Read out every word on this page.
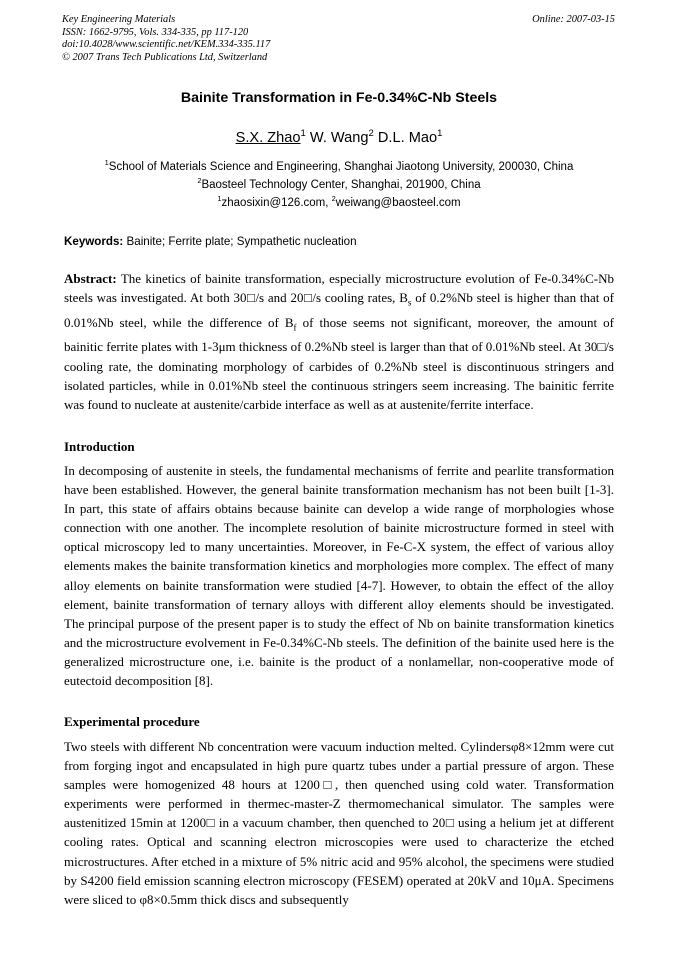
Key Engineering Materials
ISSN: 1662-9795, Vols. 334-335, pp 117-120
doi:10.4028/www.scientific.net/KEM.334-335.117
© 2007 Trans Tech Publications Ltd, Switzerland
Online: 2007-03-15
Bainite Transformation in Fe-0.34%C-Nb Steels
S.X. Zhao$^1$ W. Wang$^2$ D.L. Mao$^1$
$^1$School of Materials Science and Engineering, Shanghai Jiaotong University, 200030, China
$^2$Baosteel Technology Center, Shanghai, 201900, China
$^1$zhaosixin@126.com, $^2$weiwang@baosteel.com
Keywords: Bainite; Ferrite plate; Sympathetic nucleation

Abstract: The kinetics of bainite transformation, especially microstructure evolution of Fe-0.34%C-Nb steels was investigated. At both 30□/s and 20□/s cooling rates, $B_s$ of 0.2%Nb steel is higher than that of 0.01%Nb steel, while the difference of $B_f$ of those seems not significant, moreover, the amount of bainitic ferrite plates with 1-3μm thickness of 0.2%Nb steel is larger than that of 0.01%Nb steel. At 30□/s cooling rate, the dominating morphology of carbides of 0.2%Nb steel is discontinuous stringers and isolated particles, while in 0.01%Nb steel the continuous stringers seem increasing. The bainitic ferrite was found to nucleate at austenite/carbide interface as well as at austenite/ferrite interface.

Introduction

In decomposing of austenite in steels, the fundamental mechanisms of ferrite and pearlite transformation have been established. However, the general bainite transformation mechanism has not been built [1-3]. In part, this state of affairs obtains because bainite can develop a wide range of morphologies whose connection with one another. The incomplete resolution of bainite microstructure formed in steel with optical microscopy led to many uncertainties. Moreover, in Fe-C-X system, the effect of various alloy elements makes the bainite transformation kinetics and morphologies more complex. The effect of many alloy elements on bainite transformation were studied [4-7]. However, to obtain the effect of the alloy element, bainite transformation of ternary alloys with different alloy elements should be investigated. The principal purpose of the present paper is to study the effect of Nb on bainite transformation kinetics and the microstructure evolvement in Fe-0.34%C-Nb steels. The definition of the bainite used here is the generalized microstructure one, i.e. bainite is the product of a nonlamellar, non-cooperative mode of eutectoid decomposition [8].

Experimental procedure

Two steels with different Nb concentration were vacuum induction melted. Cylindersφ8×12mm were cut from forging ingot and encapsulated in high pure quartz tubes under a partial pressure of argon. These samples were homogenized 48 hours at 1200□, then quenched using cold water. Transformation experiments were performed in thermec-master-Z thermomechanical simulator. The samples were austenitized 15min at 1200□ in a vacuum chamber, then quenched to 20□ using a helium jet at different cooling rates. Optical and scanning electron microscopies were used to characterize the etched microstructures. After etched in a mixture of 5% nitric acid and 95% alcohol, the specimens were studied by S4200 field emission scanning electron microscopy (FESEM) operated at 20kV and 10μA. Specimens were sliced to φ8×0.5mm thick discs and subsequently
